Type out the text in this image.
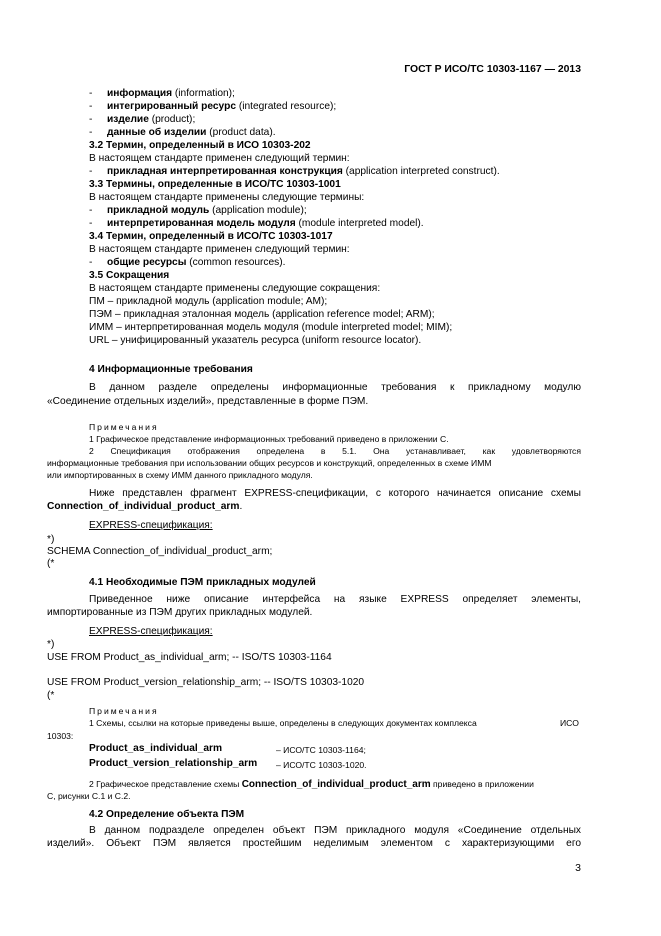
ГОСТ Р ИСО/ТС 10303-1167 — 2013
- информация (information);
- интегрированный ресурс (integrated resource);
- изделие (product);
- данные об изделии (product data).
3.2 Термин, определенный в ИСО 10303-202
В настоящем стандарте применен следующий термин:
- прикладная интерпретированная конструкция (application interpreted construct).
3.3 Термины, определенные в ИСО/ТС 10303-1001
В настоящем стандарте применены следующие термины:
- прикладной модуль (application module);
- интерпретированная модель модуля (module interpreted model).
3.4 Термин, определенный в ИСО/ТС 10303-1017
В настоящем стандарте применен следующий термин:
- общие ресурсы (common resources).
3.5 Сокращения
В настоящем стандарте применены следующие сокращения:
ПМ – прикладной модуль (application module; AM);
ПЭМ – прикладная эталонная модель (application reference model; ARM);
ИММ – интерпретированная модель модуля (module interpreted model; MIM);
URL – унифицированный указатель ресурса (uniform resource locator).
4 Информационные требования
В данном разделе определены информационные требования к прикладному модулю
«Соединение отдельных изделий», представленные в форме ПЭМ.
Примечания
1 Графическое представление информационных требований приведено в приложении С.
2 Спецификация отображения определена в 5.1. Она устанавливает, как удовлетворяются
информационные требования при использовании общих ресурсов и конструкций, определенных в схеме ИММ
или импортированных в схему ИММ данного прикладного модуля.
Ниже представлен фрагмент EXPRESS-спецификации, с которого начинается описание схемы
Connection_of_individual_product_arm.
EXPRESS-спецификация:
*)
SCHEMA Connection_of_individual_product_arm;
(*
4.1 Необходимые ПЭМ прикладных модулей
Приведенное ниже описание интерфейса на языке EXPRESS определяет элементы,
импортированные из ПЭМ других прикладных модулей.
EXPRESS-спецификация:
*)
USE FROM Product_as_individual_arm; -- ISO/TS 10303-1164
USE FROM Product_version_relationship_arm; -- ISO/TS 10303-1020
(*
Примечания
1 Схемы, ссылки на которые приведены выше, определены в следующих документах комплекса	ИСО
10303:
Product_as_individual_arm	– ИСО/ТС 10303-1164;
Product_version_relationship_arm – ИСО/ТС 10303-1020.
2 Графическое представление схемы Connection_of_individual_product_arm приведено в приложении
С, рисунки С.1 и С.2.
4.2 Определение объекта ПЭМ
В данном подразделе определен объект ПЭМ прикладного модуля «Соединение отдельных
изделий». Объект ПЭМ является простейшим неделимым элементом с характеризующими его
3
